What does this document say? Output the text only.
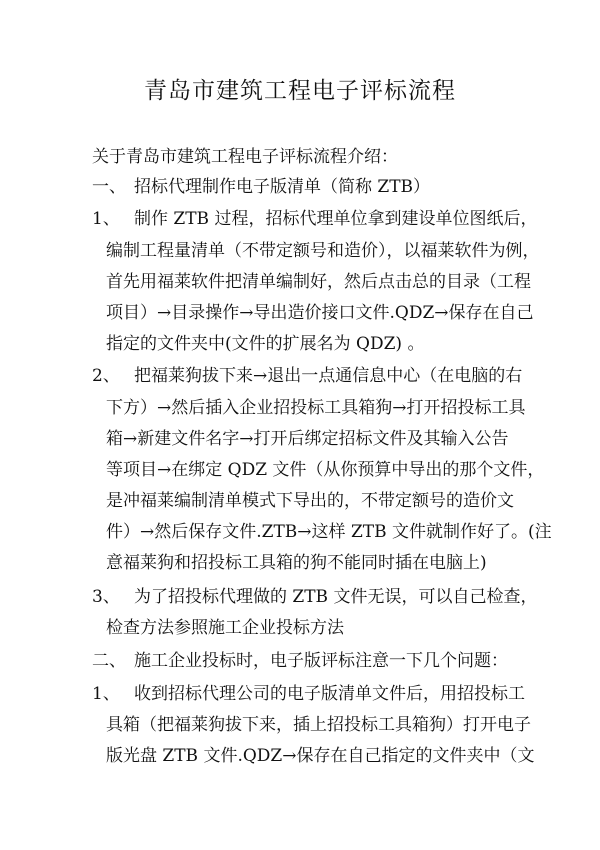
青岛市建筑工程电子评标流程
关于青岛市建筑工程电子评标流程介绍：
一、 招标代理制作电子版清单（简称 ZTB）
1、 制作 ZTB 过程，招标代理单位拿到建设单位图纸后，
编制工程量清单（不带定额号和造价），以福莱软件为例，
首先用福莱软件把清单编制好，然后点击总的目录（工程
项目）→目录操作→导出造价接口文件.QDZ→保存在自己
指定的文件夹中(文件的扩展名为 QDZ) 。
2、 把福莱狗拔下来→退出一点通信息中心（在电脑的右
下方）→然后插入企业招投标工具箱狗→打开招投标工具
箱→新建文件名字→打开后绑定招标文件及其输入公告
等项目→在绑定 QDZ 文件（从你预算中导出的那个文件，
是冲福莱编制清单模式下导出的，不带定额号的造价文
件）→然后保存文件.ZTB→这样 ZTB 文件就制作好了。(注
意福莱狗和招投标工具箱的狗不能同时插在电脑上)
3、 为了招投标代理做的 ZTB 文件无误，可以自己检查，
检查方法参照施工企业投标方法
二、 施工企业投标时，电子版评标注意一下几个问题：
1、 收到招标代理公司的电子版清单文件后，用招投标工
具箱（把福莱狗拔下来，插上招投标工具箱狗）打开电子
版光盘 ZTB 文件.QDZ→保存在自己指定的文件夹中（文
